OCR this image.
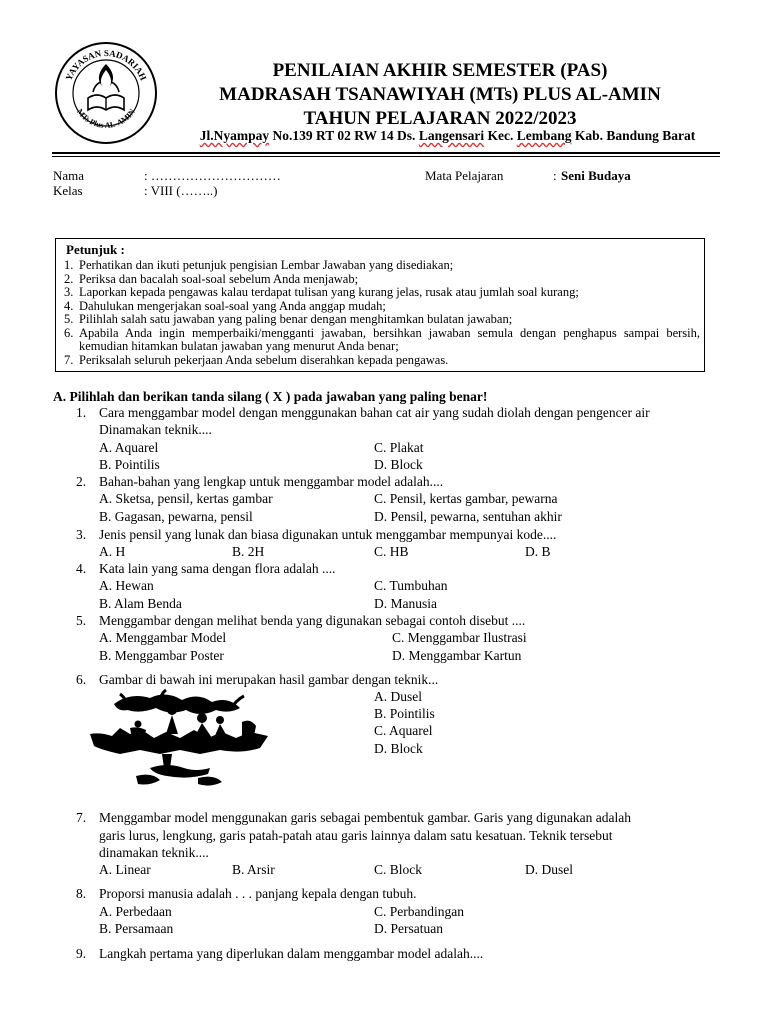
YAYASAN SADARIAH
MTs Plus AL-AMIN
PENILAIAN AKHIR SEMESTER (PAS)
MADRASAH TSANAWIYAH (MTs) PLUS AL-AMIN
TAHUN PELAJARAN 2022/2023
Jl.Nyampay No.139 RT 02 RW 14 Ds. Langensari Kec. Lembang Kab. Bandung Barat
Nama	: …………………………
Kelas	: VIII (……..)
Mata Pelajaran	: Seni Budaya
Petunjuk :
1. Perhatikan dan ikuti petunjuk pengisian Lembar Jawaban yang disediakan;
2. Periksa dan bacalah soal-soal sebelum Anda menjawab;
3. Laporkan kepada pengawas kalau terdapat tulisan yang kurang jelas, rusak atau jumlah soal kurang;
4. Dahulukan mengerjakan soal-soal yang Anda anggap mudah;
5. Pilihlah salah satu jawaban yang paling benar dengan menghitamkan bulatan jawaban;
6. Apabila Anda ingin memperbaiki/mengganti jawaban, bersihkan jawaban semula dengan penghapus sampai bersih, kemudian hitamkan bulatan jawaban yang menurut Anda benar;
7. Periksalah seluruh pekerjaan Anda sebelum diserahkan kepada pengawas.
A. Pilihlah dan berikan tanda silang ( X ) pada jawaban yang paling benar!
1. Cara menggambar model dengan menggunakan bahan cat air yang sudah diolah dengan pengencer air
Dinamakan teknik....
A. Aquarel	C. Plakat
B. Pointilis	D. Block
2. Bahan-bahan yang lengkap untuk menggambar model adalah....
A. Sketsa, pensil, kertas gambar	C. Pensil, kertas gambar, pewarna
B. Gagasan, pewarna, pensil	D. Pensil, pewarna, sentuhan akhir
3. Jenis pensil yang lunak dan biasa digunakan untuk menggambar mempunyai kode....
A. H	B. 2H	C. HB	D. B
4. Kata lain yang sama dengan flora adalah ....
A. Hewan	C. Tumbuhan
B. Alam Benda	D. Manusia
5. Menggambar dengan melihat benda yang digunakan sebagai contoh disebut ....
A. Menggambar Model	C. Menggambar Ilustrasi
B. Menggambar Poster	D. Menggambar Kartun
6. Gambar di bawah ini merupakan hasil gambar dengan teknik...
A. Dusel
B. Pointilis
C. Aquarel
D. Block
7. Menggambar model menggunakan garis sebagai pembentuk gambar. Garis yang digunakan adalah
garis lurus, lengkung, garis patah-patah atau garis lainnya dalam satu kesatuan. Teknik tersebut
dinamakan teknik....
A. Linear	B. Arsir	C. Block	D. Dusel
8. Proporsi manusia adalah . . . panjang kepala dengan tubuh.
A. Perbedaan	C. Perbandingan
B. Persamaan	D. Persatuan
9. Langkah pertama yang diperlukan dalam menggambar model adalah....
